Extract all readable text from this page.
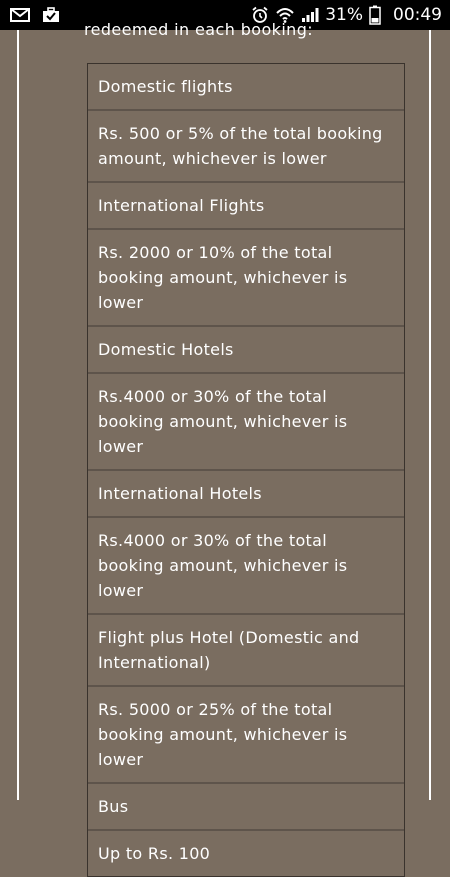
31% 00:49
redeemed in each booking:
Domestic flights
Rs. 500 or 5% of the total booking amount, whichever is lower
International Flights
Rs. 2000 or 10% of the total booking amount, whichever is lower
Domestic Hotels
Rs.4000 or 30% of the total booking amount, whichever is lower
International Hotels
Rs.4000 or 30% of the total booking amount, whichever is lower
Flight plus Hotel (Domestic and International)
Rs. 5000 or 25% of the total booking amount, whichever is lower
Bus
Up to Rs. 100
